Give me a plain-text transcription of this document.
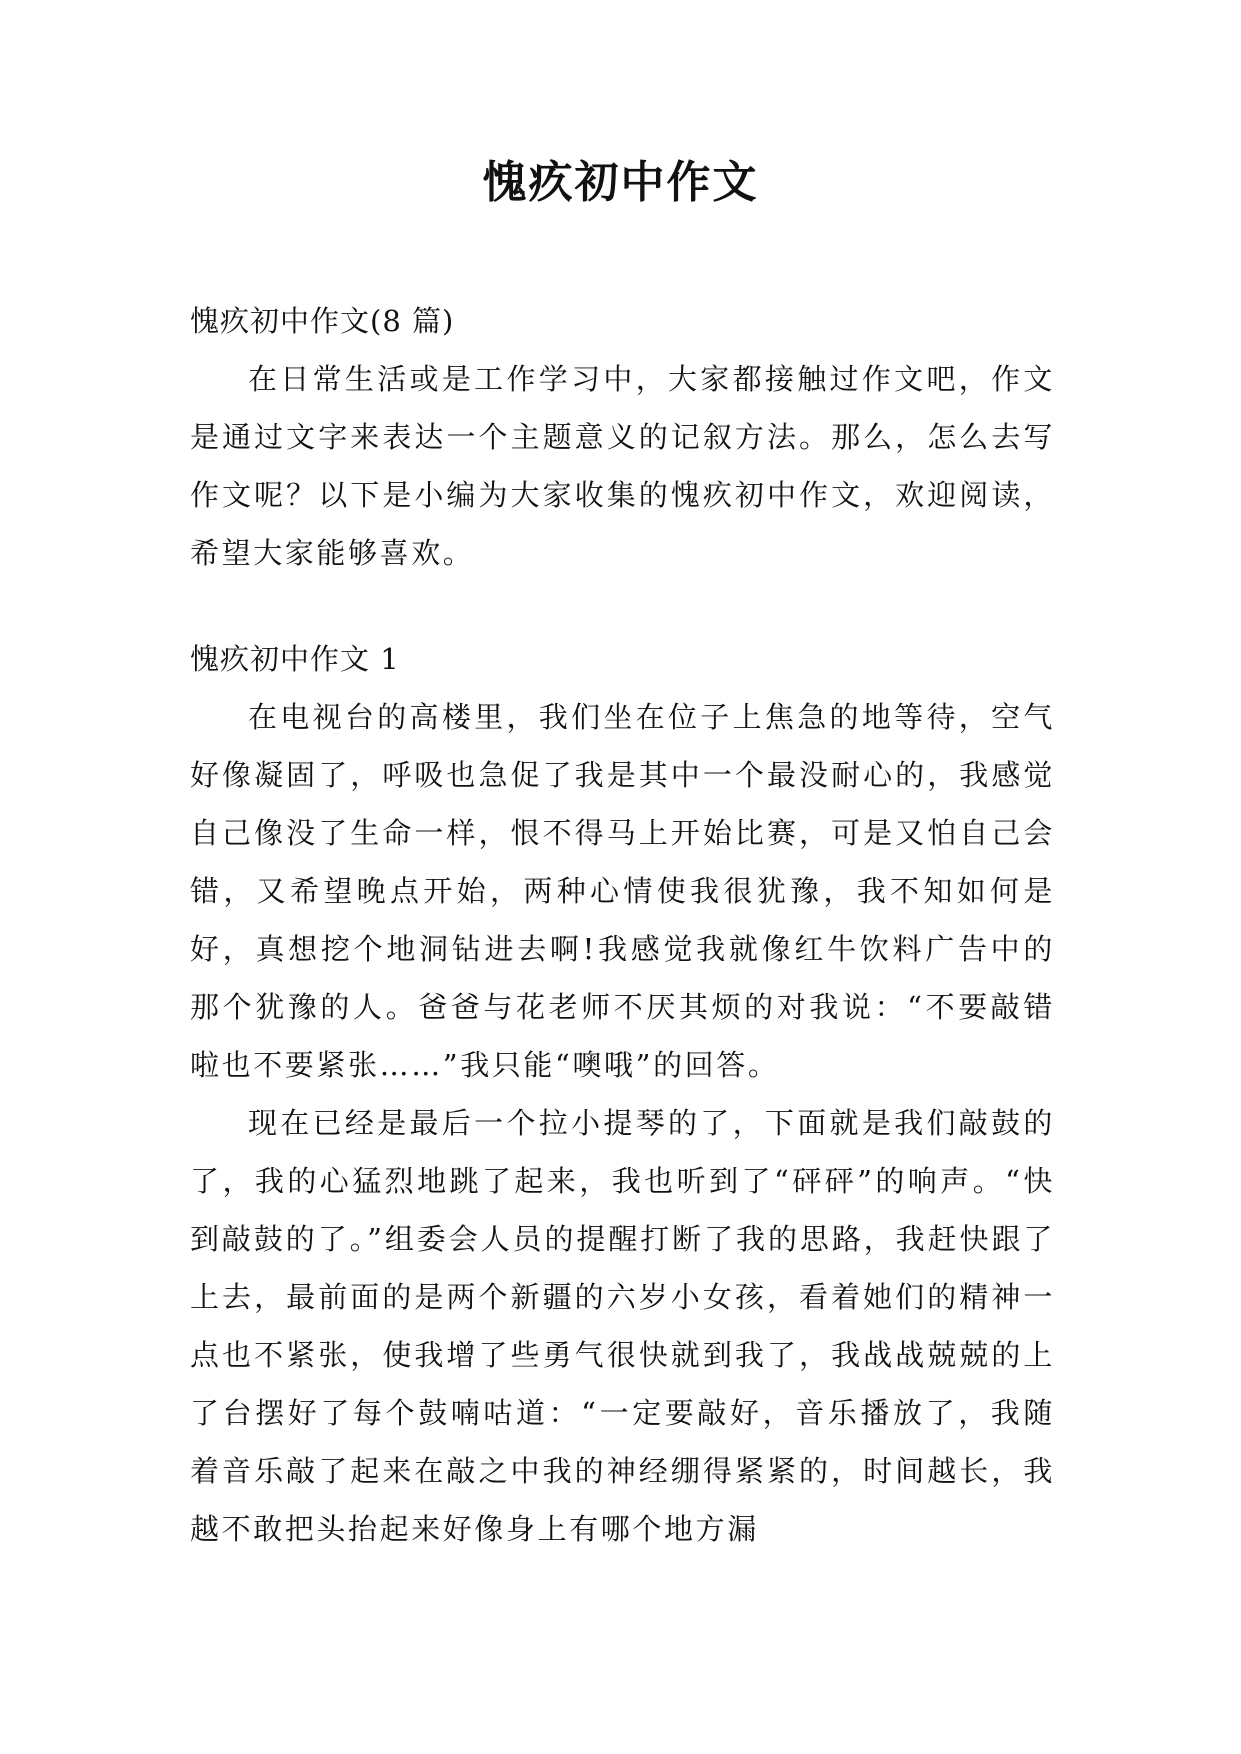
愧疚初中作文

愧疚初中作文(8 篇)

在日常生活或是工作学习中，大家都接触过作文吧，作文是通过文字来表达一个主题意义的记叙方法。那么，怎么去写作文呢？以下是小编为大家收集的愧疚初中作文，欢迎阅读，希望大家能够喜欢。

愧疚初中作文 1

在电视台的高楼里，我们坐在位子上焦急的地等待，空气好像凝固了，呼吸也急促了我是其中一个最没耐心的，我感觉自己像没了生命一样，恨不得马上开始比赛，可是又怕自己会错，又希望晚点开始，两种心情使我很犹豫，我不知如何是好，真想挖个地洞钻进去啊!我感觉我就像红牛饮料广告中的那个犹豫的人。爸爸与花老师不厌其烦的对我说：“不要敲错啦也不要紧张……”我只能“噢哦”的回答。

现在已经是最后一个拉小提琴的了，下面就是我们敲鼓的了，我的心猛烈地跳了起来，我也听到了“砰砰”的响声。“快到敲鼓的了。”组委会人员的提醒打断了我的思路，我赶快跟了上去，最前面的是两个新疆的六岁小女孩，看着她们的精神一点也不紧张，使我增了些勇气很快就到我了，我战战兢兢的上了台摆好了每个鼓喃咕道：“一定要敲好，音乐播放了，我随着音乐敲了起来在敲之中我的神经绷得紧紧的，时间越长，我越不敢把头抬起来好像身上有哪个地方漏
